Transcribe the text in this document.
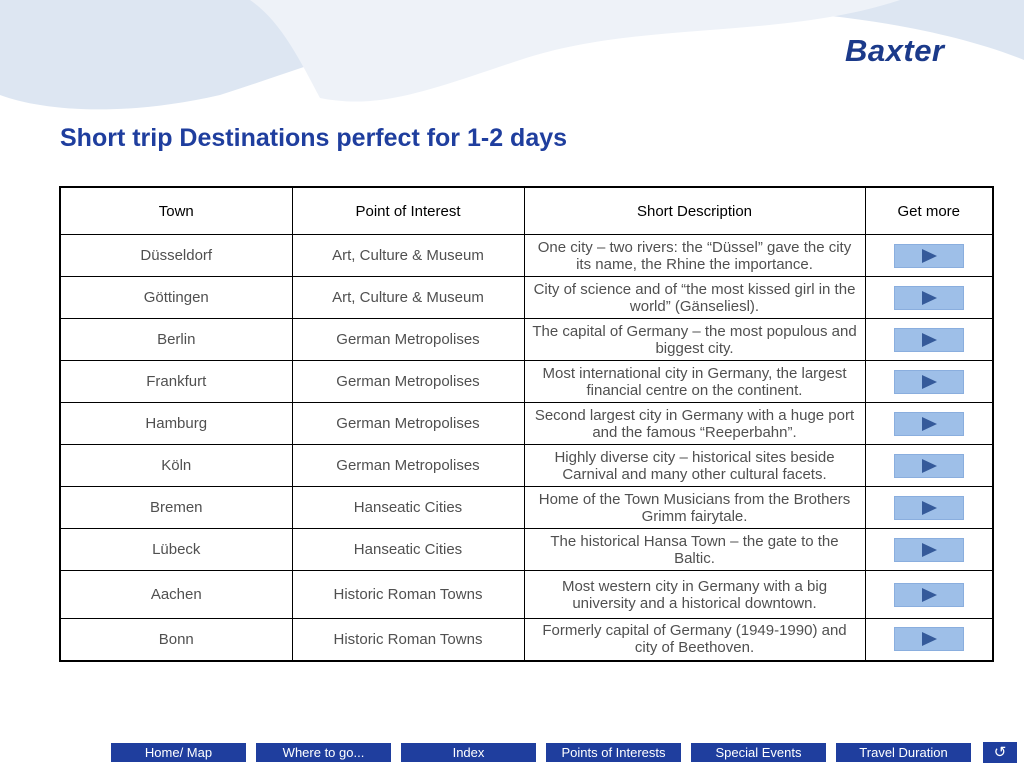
Baxter
Short trip Destinations perfect for 1-2 days
Town	Point of Interest	Short Description	Get more
Düsseldorf	Art, Culture & Museum	One city – two rivers: the “Düssel” gave the city its name, the Rhine the importance.	

Göttingen	Art, Culture & Museum	City of science and of “the most kissed girl in the world” (Gänseliesl).	

Berlin	German Metropolises	The capital of Germany – the most populous and biggest city.	

Frankfurt	German Metropolises	Most international city in Germany, the largest financial centre on the continent.	

Hamburg	German Metropolises	Second largest city in Germany with a huge port and the famous “Reeperbahn”.	

Köln	German Metropolises	Highly diverse city – historical sites beside Carnival and many other cultural facets.	

Bremen	Hanseatic Cities	Home of the Town Musicians from the Brothers Grimm fairytale.	

Lübeck	Hanseatic Cities	The historical Hansa Town – the gate to the Baltic.	

Aachen	Historic Roman Towns	Most western city in Germany with a big university and a historical downtown.	

Bonn	Historic Roman Towns	Formerly capital of Germany (1949-1990) and city of Beethoven.	
Home/ Map	Where to go...	Index	Points of Interests	Special Events	Travel Duration	↺
